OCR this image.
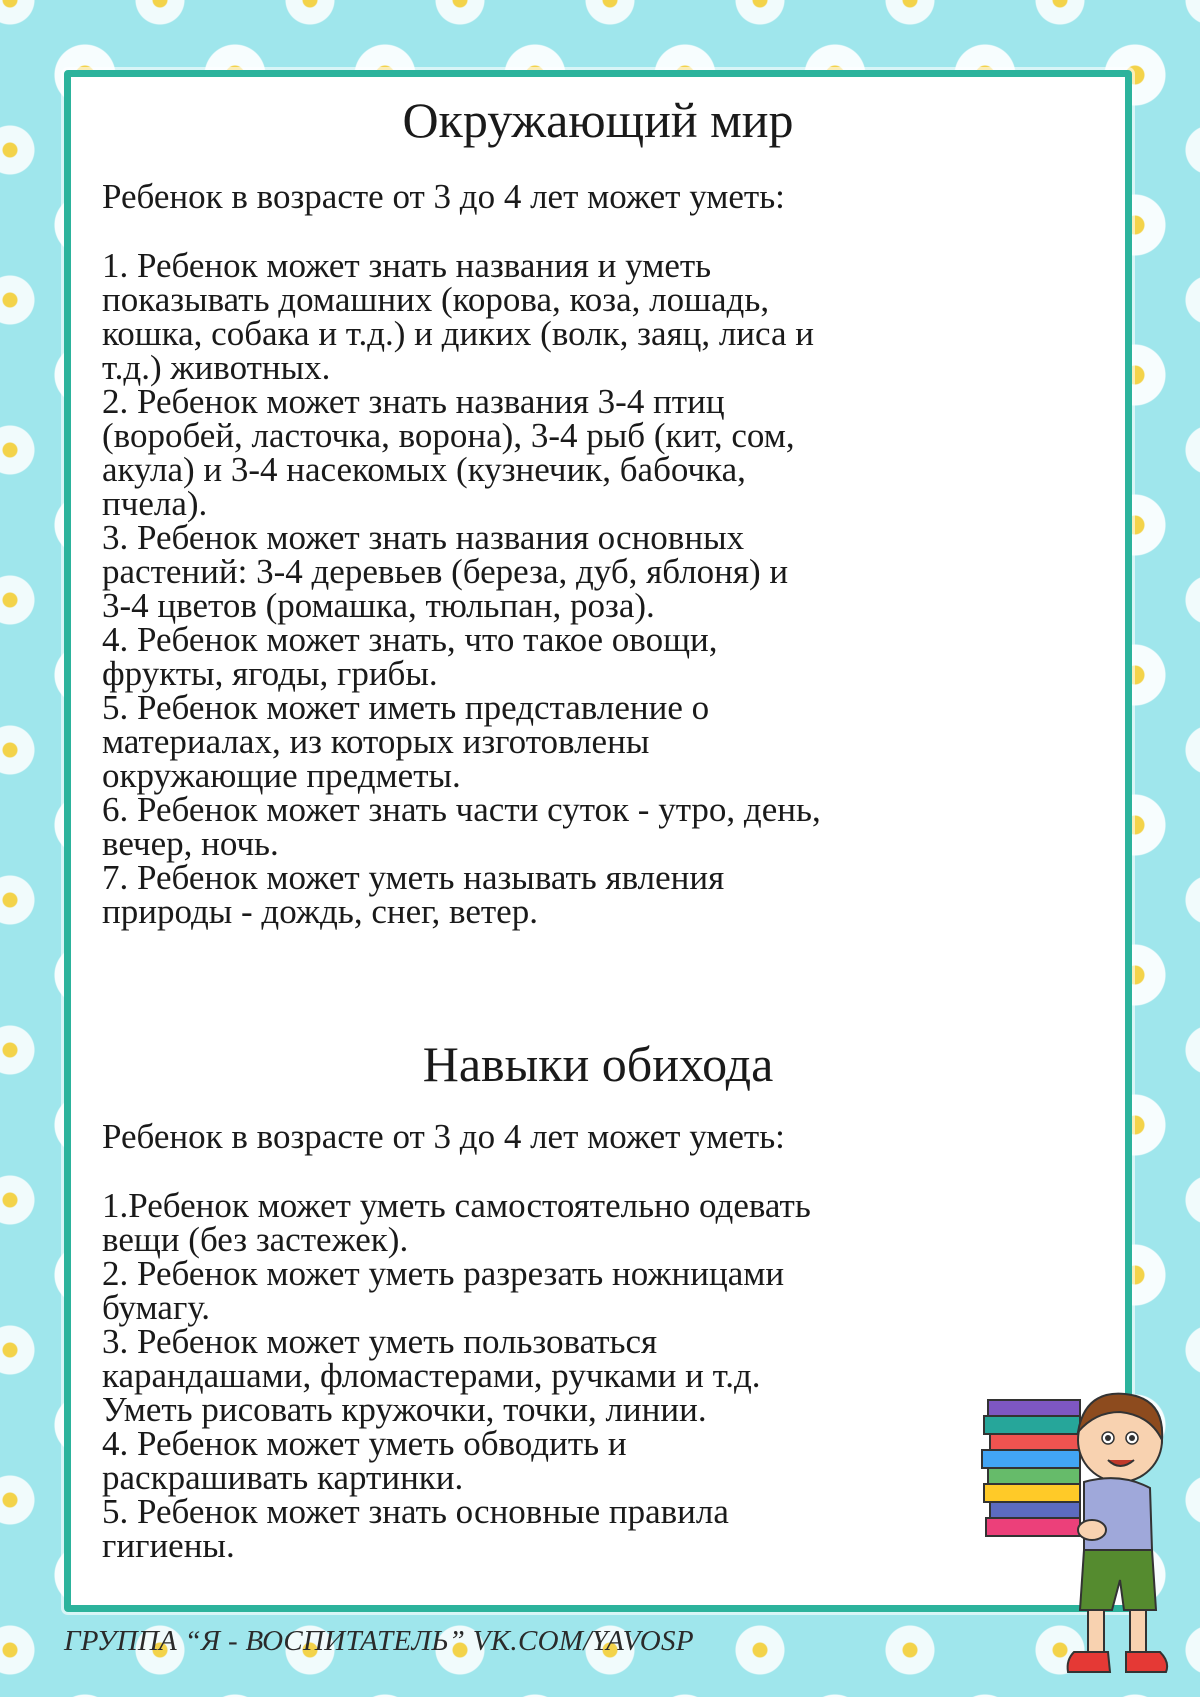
Окружающий мир

Ребенок в возрасте от 3 до 4 лет может уметь:

1. Ребенок может знать названия и уметь
показывать домашних (корова, коза, лошадь,
кошка, собака и т.д.) и диких (волк, заяц, лиса и
т.д.) животных.
2. Ребенок может знать названия 3-4 птиц
(воробей, ласточка, ворона), 3-4 рыб (кит, сом,
акула) и 3-4 насекомых (кузнечик, бабочка,
пчела).
3. Ребенок может знать названия основных
растений: 3-4 деревьев (береза, дуб, яблоня) и
3-4 цветов (ромашка, тюльпан, роза).
4. Ребенок может знать, что такое овощи,
фрукты, ягоды, грибы.
5. Ребенок может иметь представление о
материалах, из которых изготовлены
окружающие предметы.
6. Ребенок может знать части суток - утро, день,
вечер, ночь.
7. Ребенок может уметь называть явления
природы - дождь, снег, ветер.
Навыки обихода

Ребенок в возрасте от 3 до 4 лет может уметь:

1.Ребенок может уметь самостоятельно одевать
вещи (без застежек).
2. Ребенок может уметь разрезать ножницами
бумагу.
3. Ребенок может уметь пользоваться
карандашами, фломастерами, ручками и т.д.
Уметь рисовать кружочки, точки, линии.
4. Ребенок может уметь обводить и
раскрашивать картинки.
5. Ребенок может знать основные правила
гигиены.
ГРУППА “Я - ВОСПИТАТЕЛЬ” VK.COM/YAVOSP
